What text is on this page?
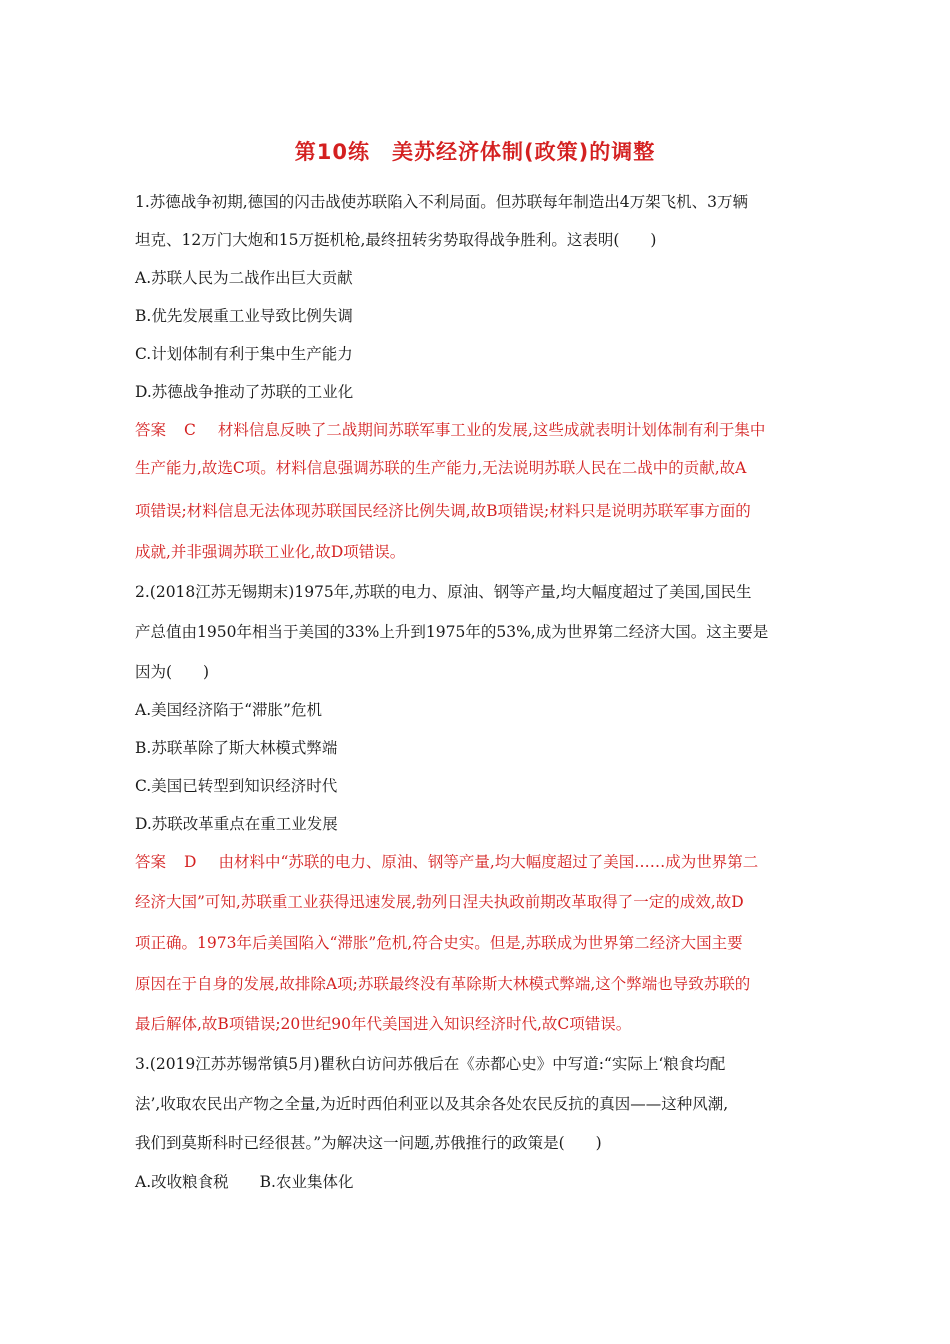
第10练　美苏经济体制(政策)的调整
1.苏德战争初期,德国的闪击战使苏联陷入不利局面。但苏联每年制造出4万架飞机、3万辆
坦克、12万门大炮和15万挺机枪,最终扭转劣势取得战争胜利。这表明(　　)
A.苏联人民为二战作出巨大贡献
B.优先发展重工业导致比例失调
C.计划体制有利于集中生产能力
D.苏德战争推动了苏联的工业化
答案 C 材料信息反映了二战期间苏联军事工业的发展,这些成就表明计划体制有利于集中
生产能力,故选C项。材料信息强调苏联的生产能力,无法说明苏联人民在二战中的贡献,故A
项错误;材料信息无法体现苏联国民经济比例失调,故B项错误;材料只是说明苏联军事方面的
成就,并非强调苏联工业化,故D项错误。
2.(2018江苏无锡期末)1975年,苏联的电力、原油、钢等产量,均大幅度超过了美国,国民生
产总值由1950年相当于美国的33%上升到1975年的53%,成为世界第二经济大国。这主要是
因为(　　)
A.美国经济陷于“滞胀”危机
B.苏联革除了斯大林模式弊端
C.美国已转型到知识经济时代
D.苏联改革重点在重工业发展
答案 D 由材料中“苏联的电力、原油、钢等产量,均大幅度超过了美国……成为世界第二
经济大国”可知,苏联重工业获得迅速发展,勃列日涅夫执政前期改革取得了一定的成效,故D
项正确。1973年后美国陷入“滞胀”危机,符合史实。但是,苏联成为世界第二经济大国主要
原因在于自身的发展,故排除A项;苏联最终没有革除斯大林模式弊端,这个弊端也导致苏联的
最后解体,故B项错误;20世纪90年代美国进入知识经济时代,故C项错误。
3.(2019江苏苏锡常镇5月)瞿秋白访问苏俄后在《赤都心史》中写道:“实际上‘粮食均配
法’,收取农民出产物之全量,为近时西伯利亚以及其余各处农民反抗的真因——这种风潮,
我们到莫斯科时已经很甚。”为解决这一问题,苏俄推行的政策是(　　)
A.改收粮食税　　B.农业集体化
